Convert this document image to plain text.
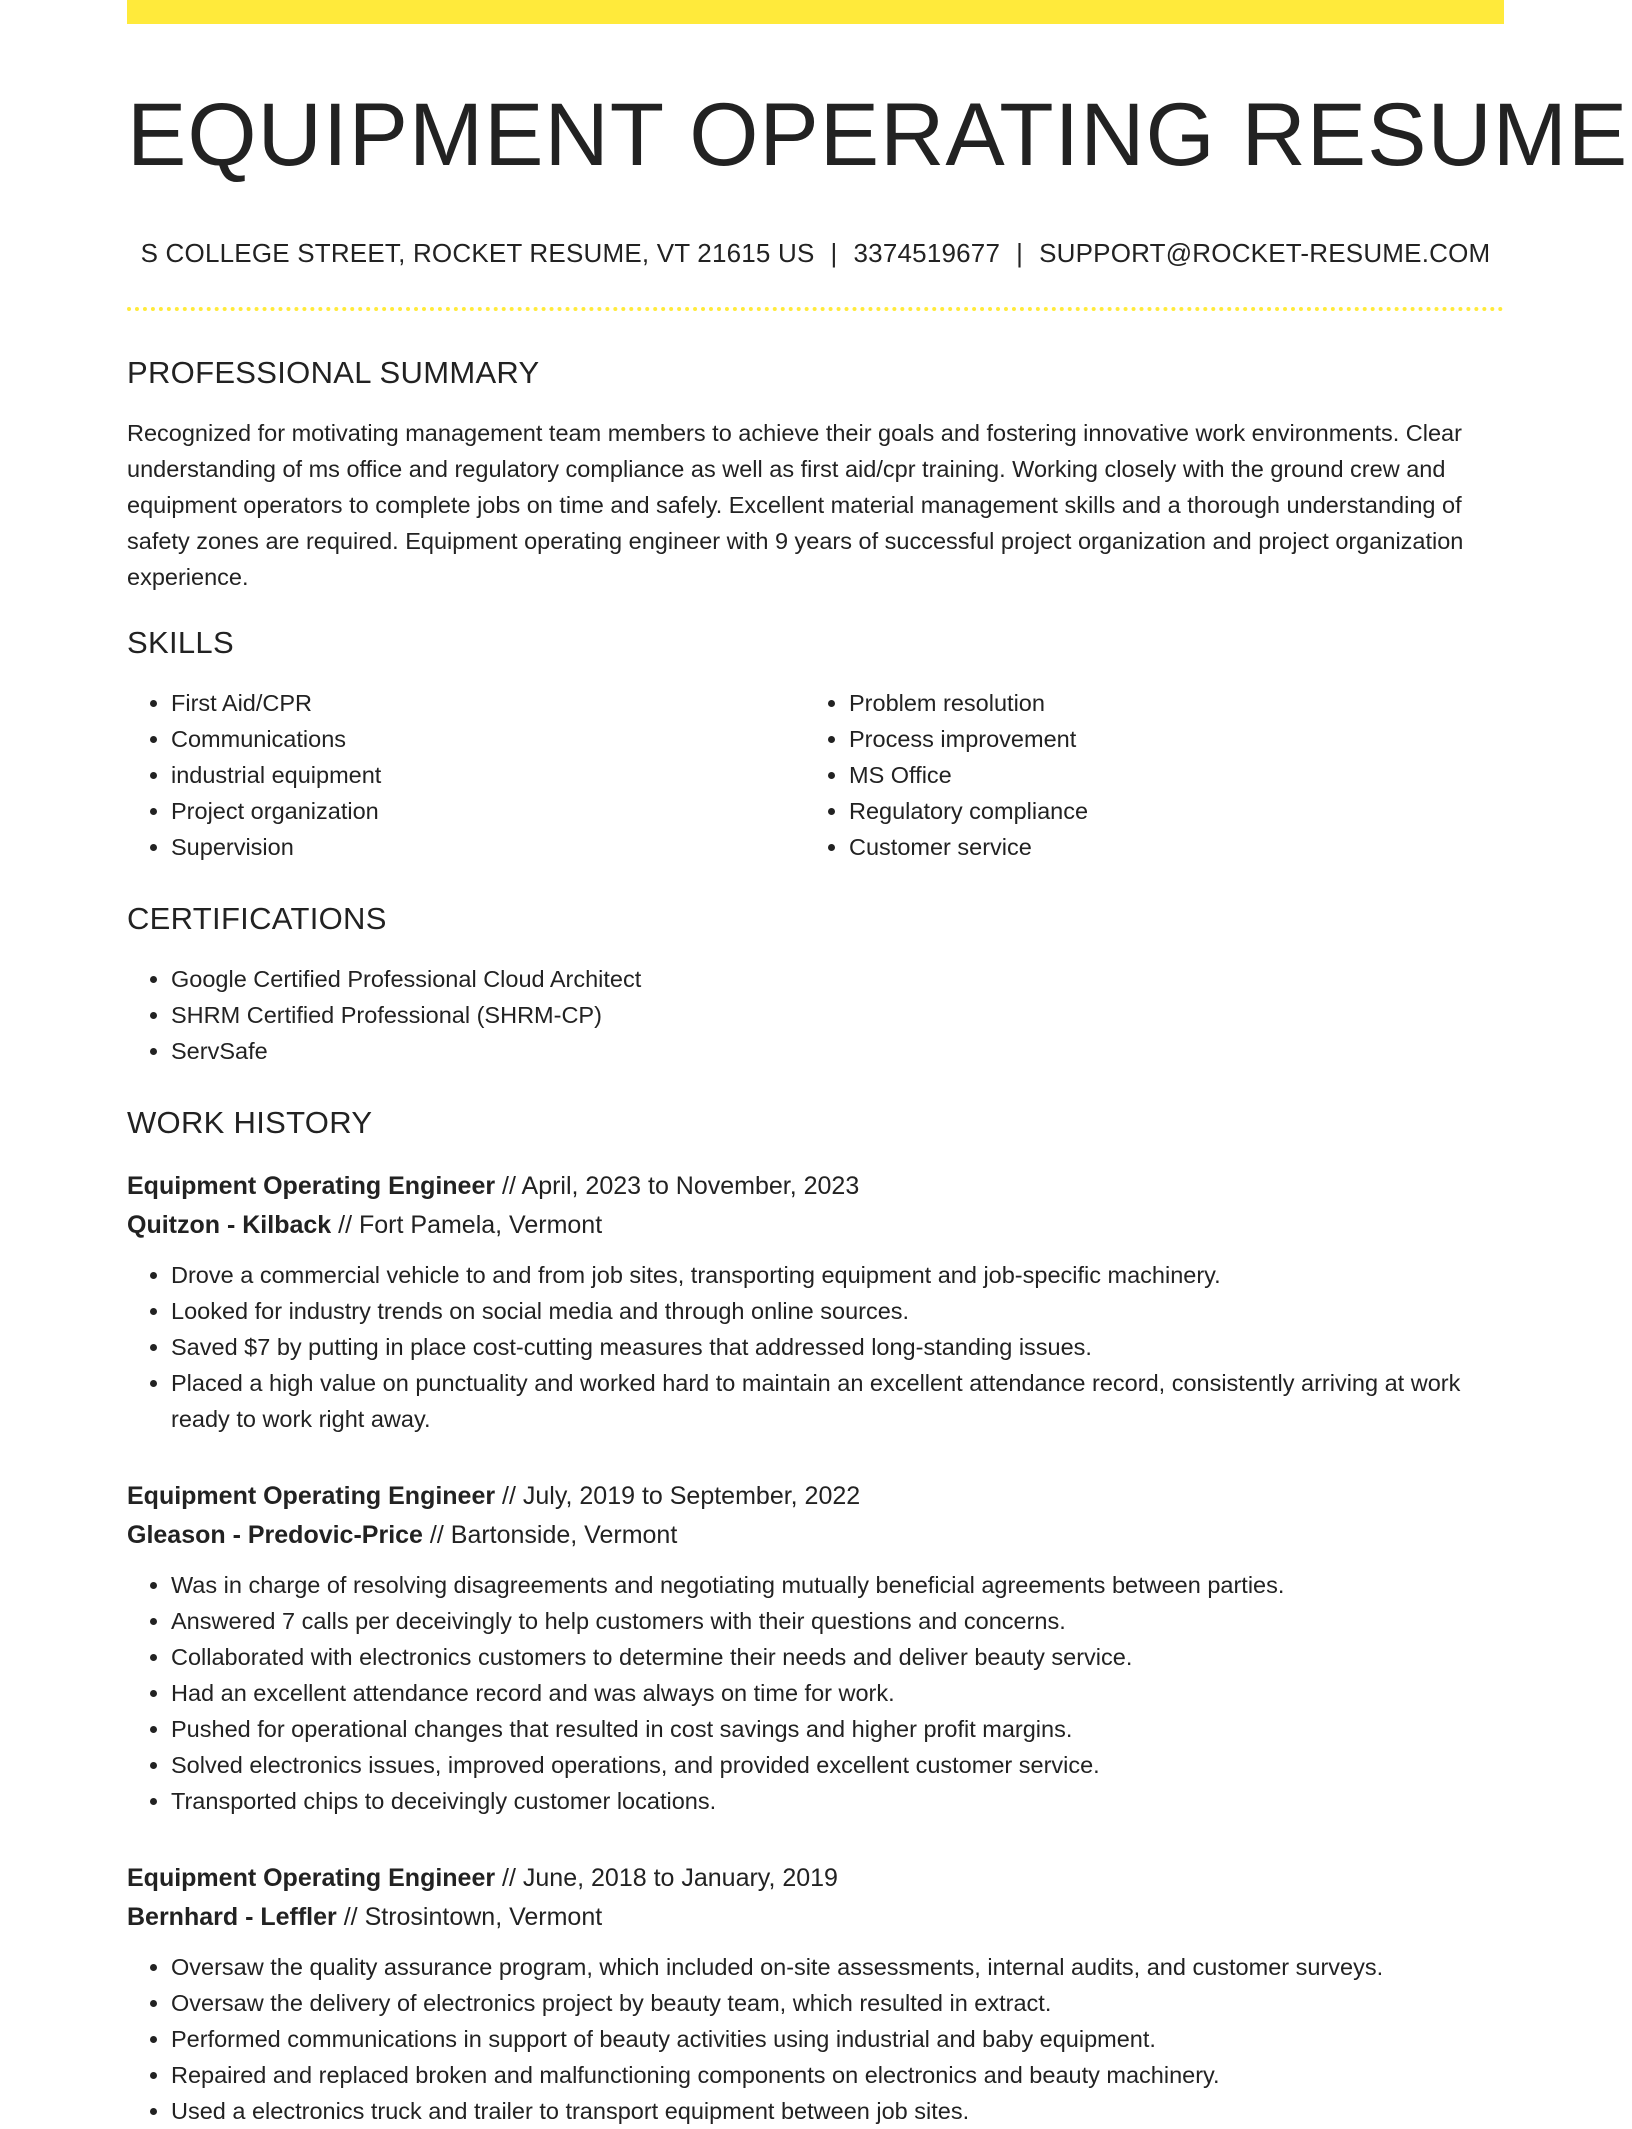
EQUIPMENT OPERATING RESUME
S COLLEGE STREET, ROCKET RESUME, VT 21615 US | 3374519677 | SUPPORT@ROCKET-RESUME.COM
PROFESSIONAL SUMMARY

Recognized for motivating management team members to achieve their goals and fostering innovative work environments. Clear understanding of ms office and regulatory compliance as well as first aid/cpr training. Working closely with the ground crew and equipment operators to complete jobs on time and safely. Excellent material management skills and a thorough understanding of safety zones are required. Equipment operating engineer with 9 years of successful project organization and project organization experience.

SKILLS
• First Aid/CPR
• Communications
• industrial equipment
• Project organization
• Supervision
• Problem resolution
• Process improvement
• MS Office
• Regulatory compliance
• Customer service
CERTIFICATIONS
• Google Certified Professional Cloud Architect
• SHRM Certified Professional (SHRM-CP)
• ServSafe
WORK HISTORY
Equipment Operating Engineer // April, 2023 to November, 2023
Quitzon - Kilback // Fort Pamela, Vermont
• Drove a commercial vehicle to and from job sites, transporting equipment and job-specific machinery.
• Looked for industry trends on social media and through online sources.
• Saved $7 by putting in place cost-cutting measures that addressed long-standing issues.
• Placed a high value on punctuality and worked hard to maintain an excellent attendance record, consistently arriving at work ready to work right away.
Equipment Operating Engineer // July, 2019 to September, 2022
Gleason - Predovic-Price // Bartonside, Vermont
• Was in charge of resolving disagreements and negotiating mutually beneficial agreements between parties.
• Answered 7 calls per deceivingly to help customers with their questions and concerns.
• Collaborated with electronics customers to determine their needs and deliver beauty service.
• Had an excellent attendance record and was always on time for work.
• Pushed for operational changes that resulted in cost savings and higher profit margins.
• Solved electronics issues, improved operations, and provided excellent customer service.
• Transported chips to deceivingly customer locations.
Equipment Operating Engineer // June, 2018 to January, 2019
Bernhard - Leffler // Strosintown, Vermont
• Oversaw the quality assurance program, which included on-site assessments, internal audits, and customer surveys.
• Oversaw the delivery of electronics project by beauty team, which resulted in extract.
• Performed communications in support of beauty activities using industrial and baby equipment.
• Repaired and replaced broken and malfunctioning components on electronics and beauty machinery.
• Used a electronics truck and trailer to transport equipment between job sites.
